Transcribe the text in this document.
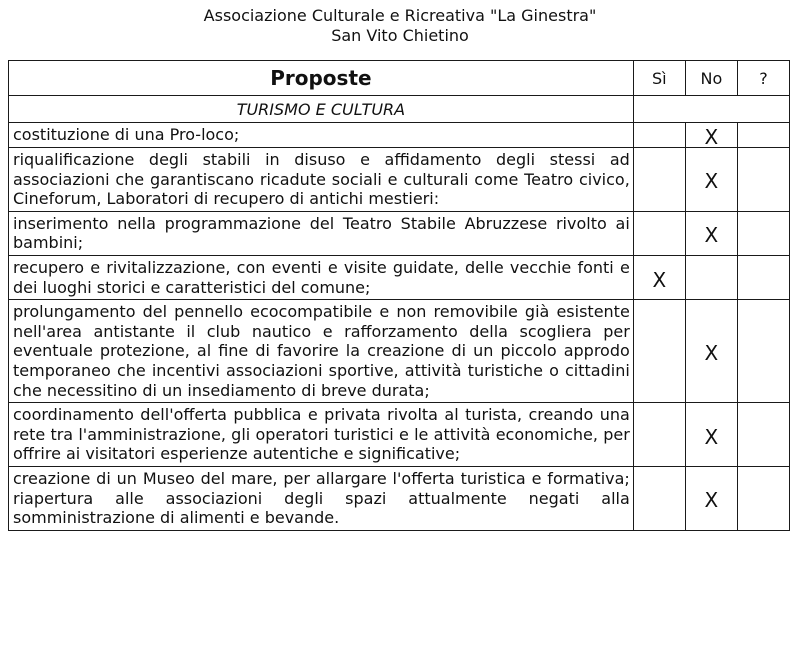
Associazione Culturale e Ricreativa "La Ginestra"
San Vito Chietino
Proposte	Sì	No	?
TURISMO E CULTURA			
costituzione di una Pro-loco;		X	
riqualificazione degli stabili in disuso e affidamento degli stessi ad associazioni che garantiscano ricadute sociali e culturali come Teatro civico, Cineforum, Laboratori di recupero di antichi mestieri:		X	
inserimento nella programmazione del Teatro Stabile Abruzzese rivolto ai bambini;		X	
recupero e rivitalizzazione, con eventi e visite guidate, delle vecchie fonti e dei luoghi storici e caratteristici del comune;	X		
prolungamento del pennello ecocompatibile e non removibile già esistente nell'area antistante il club nautico e rafforzamento della scogliera per eventuale protezione, al fine di favorire la creazione di un piccolo approdo temporaneo che incentivi associazioni sportive, attività turistiche o cittadini che necessitino di un insediamento di breve durata;		X	
coordinamento dell'offerta pubblica e privata rivolta al turista, creando una rete tra l'amministrazione, gli operatori turistici e le attività economiche, per offrire ai visitatori esperienze autentiche e significative;		X	
creazione di un Museo del mare, per allargare l'offerta turistica e formativa; riapertura alle associazioni degli spazi attualmente negati alla somministrazione di alimenti e bevande.		X	
